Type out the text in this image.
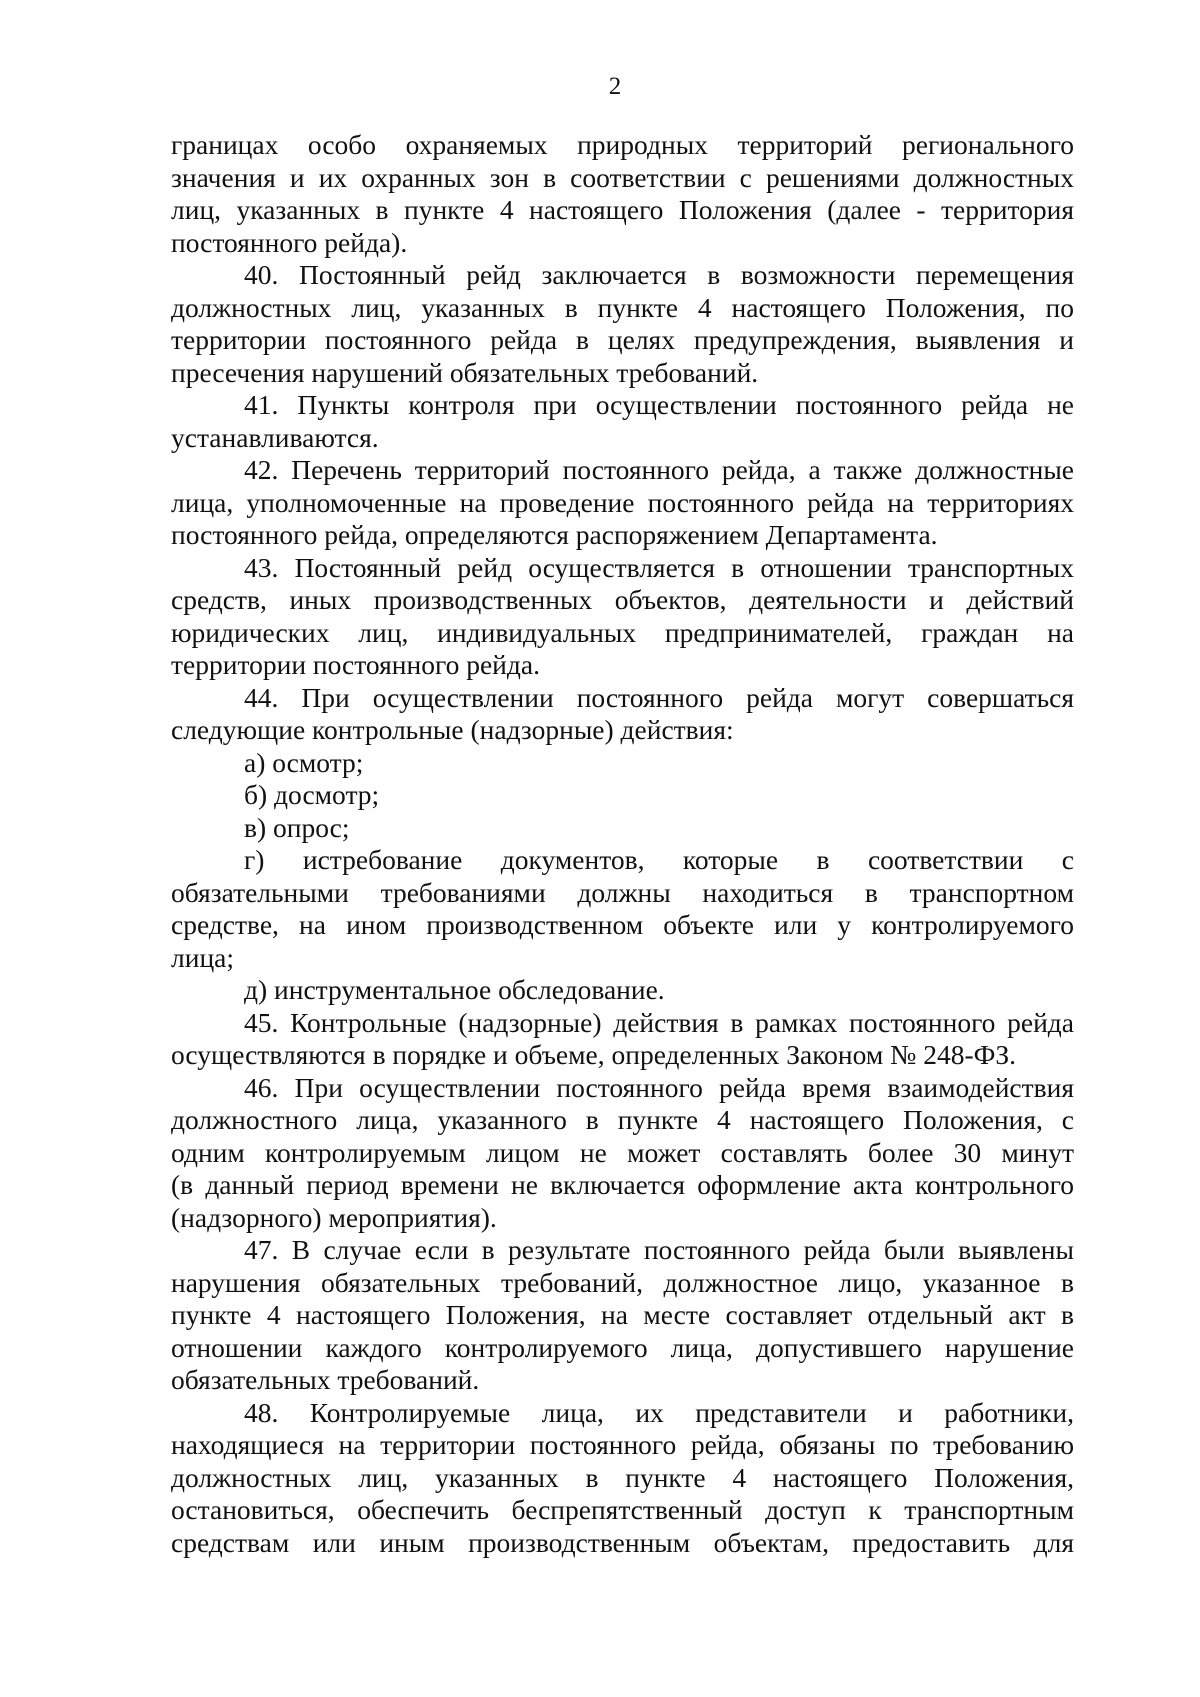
2
границах особо охраняемых природных территорий регионального
значения и их охранных зон в соответствии с решениями должностных
лиц, указанных в пункте 4 настоящего Положения (далее - территория
постоянного рейда).
40. Постоянный рейд заключается в возможности перемещения
должностных лиц, указанных в пункте 4 настоящего Положения, по
территории постоянного рейда в целях предупреждения, выявления и
пресечения нарушений обязательных требований.
41. Пункты контроля при осуществлении постоянного рейда не
устанавливаются.
42. Перечень территорий постоянного рейда, а также должностные
лица, уполномоченные на проведение постоянного рейда на территориях
постоянного рейда, определяются распоряжением Департамента.
43. Постоянный рейд осуществляется в отношении транспортных
средств, иных производственных объектов, деятельности и действий
юридических лиц, индивидуальных предпринимателей, граждан на
территории постоянного рейда.
44. При осуществлении постоянного рейда могут совершаться
следующие контрольные (надзорные) действия:
а) осмотр;
б) досмотр;
в) опрос;
г) истребование документов, которые в соответствии с
обязательными требованиями должны находиться в транспортном
средстве, на ином производственном объекте или у контролируемого
лица;
д) инструментальное обследование.
45. Контрольные (надзорные) действия в рамках постоянного рейда
осуществляются в порядке и объеме, определенных Законом № 248-ФЗ.
46. При осуществлении постоянного рейда время взаимодействия
должностного лица, указанного в пункте 4 настоящего Положения, с
одним контролируемым лицом не может составлять более 30 минут
(в данный период времени не включается оформление акта контрольного
(надзорного) мероприятия).
47. В случае если в результате постоянного рейда были выявлены
нарушения обязательных требований, должностное лицо, указанное в
пункте 4 настоящего Положения, на месте составляет отдельный акт в
отношении каждого контролируемого лица, допустившего нарушение
обязательных требований.
48. Контролируемые лица, их представители и работники,
находящиеся на территории постоянного рейда, обязаны по требованию
должностных лиц, указанных в пункте 4 настоящего Положения,
остановиться, обеспечить беспрепятственный доступ к транспортным
средствам или иным производственным объектам, предоставить для
